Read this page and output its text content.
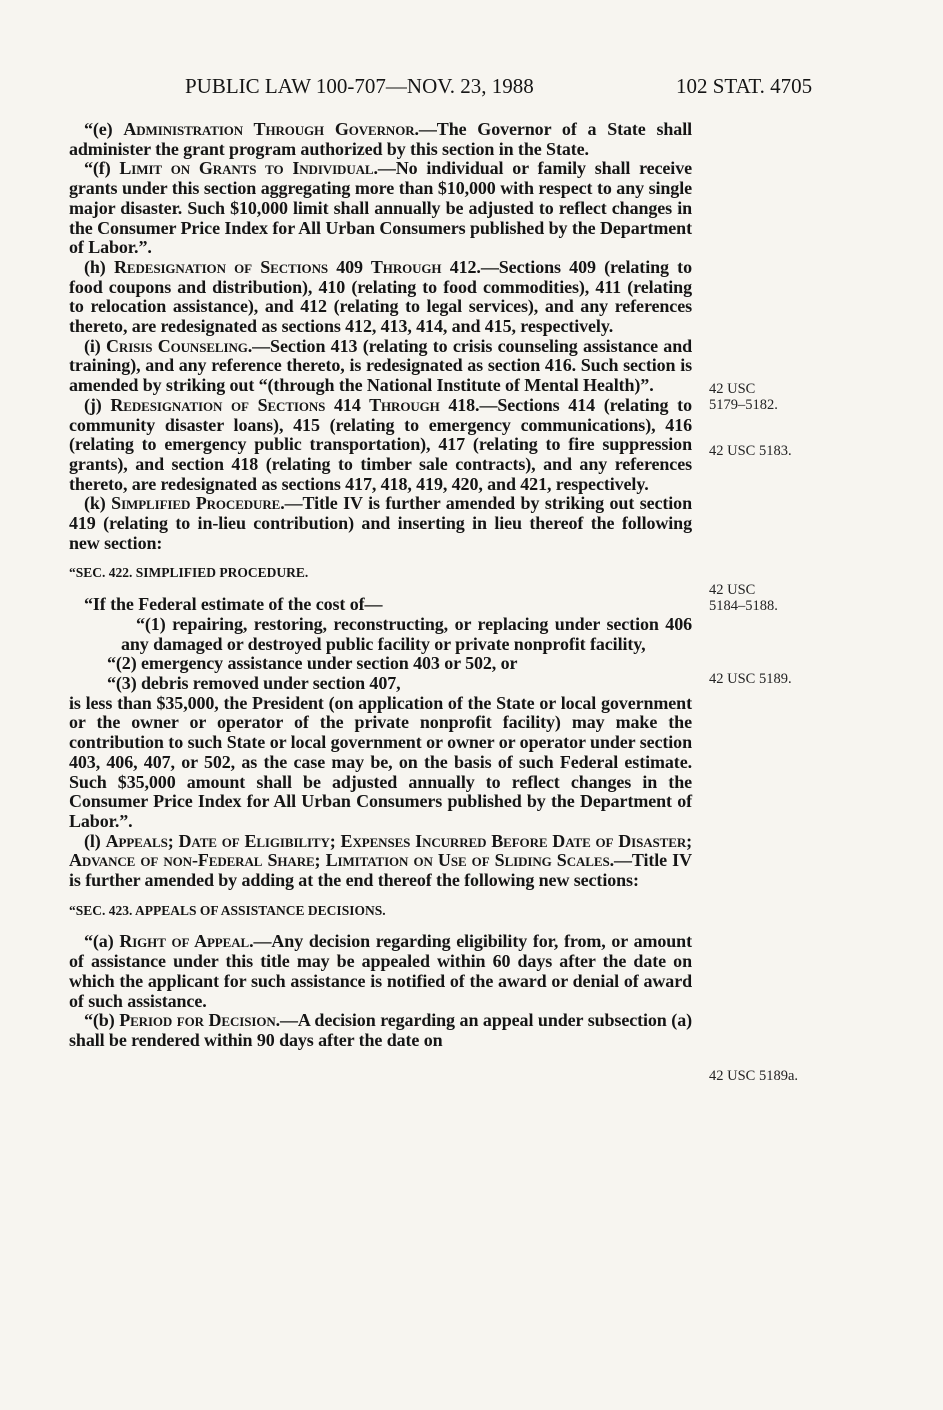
PUBLIC LAW 100-707—NOV. 23, 1988	102 STAT. 4705

“(e) Administration Through Governor.—The Governor of a State shall administer the grant program authorized by this section in the State.

“(f) Limit on Grants to Individual.—No individual or family shall receive grants under this section aggregating more than $10,000 with respect to any single major disaster. Such $10,000 limit shall annually be adjusted to reflect changes in the Consumer Price Index for All Urban Consumers published by the Department of Labor.”.

(h) Redesignation of Sections 409 Through 412.—Sections 409 (relating to food coupons and distribution), 410 (relating to food commodities), 411 (relating to relocation assistance), and 412 (relating to legal services), and any references thereto, are redesignated as sections 412, 413, 414, and 415, respectively.

(i) Crisis Counseling.—Section 413 (relating to crisis counseling assistance and training), and any reference thereto, is redesignated as section 416. Such section is amended by striking out “(through the National Institute of Mental Health)”.

(j) Redesignation of Sections 414 Through 418.—Sections 414 (relating to community disaster loans), 415 (relating to emergency communications), 416 (relating to emergency public transportation), 417 (relating to fire suppression grants), and section 418 (relating to timber sale contracts), and any references thereto, are redesignated as sections 417, 418, 419, 420, and 421, respectively.

(k) Simplified Procedure.—Title IV is further amended by striking out section 419 (relating to in-lieu contribution) and inserting in lieu thereof the following new section:

“SEC. 422. SIMPLIFIED PROCEDURE.

“If the Federal estimate of the cost of—

“(1) repairing, restoring, reconstructing, or replacing under section 406 any damaged or destroyed public facility or private nonprofit facility,

“(2) emergency assistance under section 403 or 502, or

“(3) debris removed under section 407,

is less than $35,000, the President (on application of the State or local government or the owner or operator of the private nonprofit facility) may make the contribution to such State or local government or owner or operator under section 403, 406, 407, or 502, as the case may be, on the basis of such Federal estimate. Such $35,000 amount shall be adjusted annually to reflect changes in the Consumer Price Index for All Urban Consumers published by the Department of Labor.”.

(l) Appeals; Date of Eligibility; Expenses Incurred Before Date of Disaster; Advance of non-Federal Share; Limitation on Use of Sliding Scales.—Title IV is further amended by adding at the end thereof the following new sections:

“SEC. 423. APPEALS OF ASSISTANCE DECISIONS.

“(a) Right of Appeal.—Any decision regarding eligibility for, from, or amount of assistance under this title may be appealed within 60 days after the date on which the applicant for such assistance is notified of the award or denial of award of such assistance.

“(b) Period for Decision.—A decision regarding an appeal under subsection (a) shall be rendered within 90 days after the date on

42 USC
5179–5182.
42 USC 5183.
42 USC
5184–5188.
42 USC 5189.
42 USC 5189a.
